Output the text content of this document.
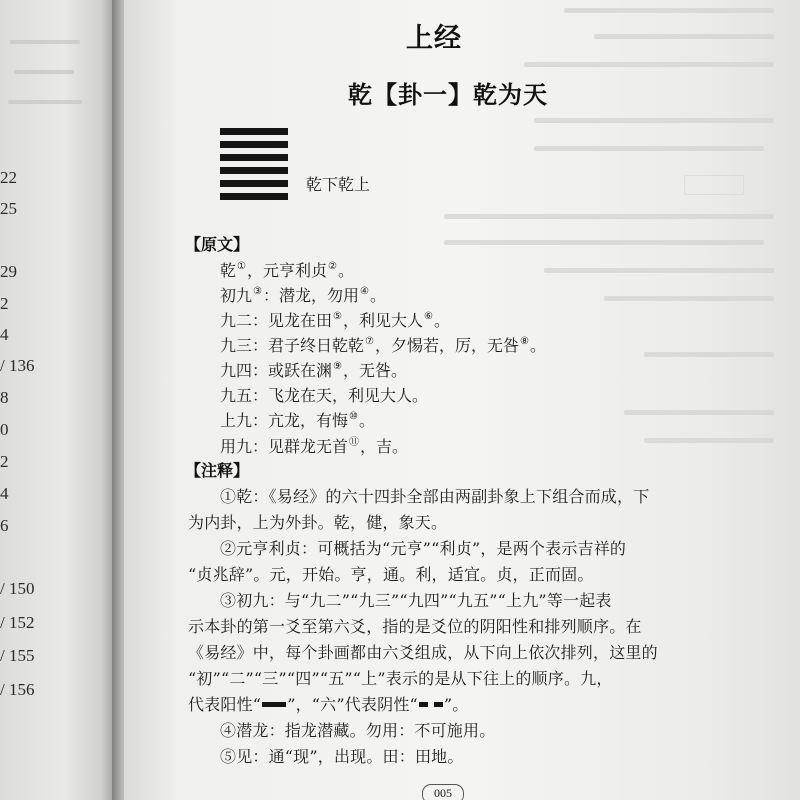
22
25
29
2
4
/ 136
8
0
2
4
6
/ 150
/ 152
/ 155
/ 156
上经
乾【卦一】乾为天
乾下乾上
【原文】
乾①，元亨利贞②。
初九③：潜龙，勿用④。
九二：见龙在田⑤，利见大人⑥。
九三：君子终日乾乾⑦，夕惕若，厉，无咎⑧。
九四：或跃在渊⑨，无咎。
九五：飞龙在天，利见大人。
上九：亢龙，有悔⑩。
用九：见群龙无首⑪，吉。
【注释】
①乾：《易经》的六十四卦全部由两副卦象上下组合而成，下
为内卦，上为外卦。乾，健，象天。
②元亨利贞：可概括为“元亨”“利贞”，是两个表示吉祥的
“贞兆辞”。元，开始。亨，通。利，适宜。贞，正而固。
③初九：与“九二”“九三”“九四”“九五”“上九”等一起表
示本卦的第一爻至第六爻，指的是爻位的阴阳性和排列顺序。在
《易经》中，每个卦画都由六爻组成，从下向上依次排列，这里的
“初”“二”“三”“四”“五”“上”表示的是从下往上的顺序。九，
代表阳性“ ”，“六”代表阴性“ ”。
④潜龙：指龙潜藏。勿用：不可施用。
⑤见：通“现”，出现。田：田地。
005
